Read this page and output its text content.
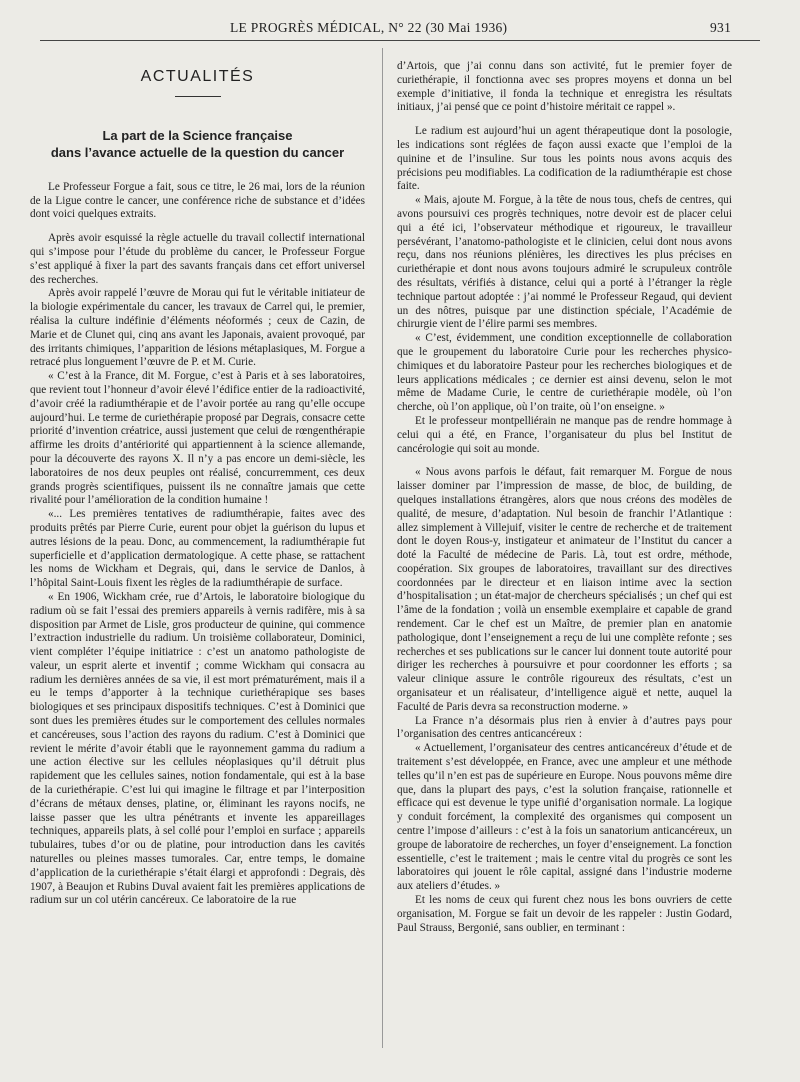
LE PROGRÈS MÉDICAL, N° 22 (30 Mai 1936)	931
ACTUALITÉS
La part de la Science française
dans l’avance actuelle de la question du cancer

Le Professeur Forgue a fait, sous ce titre, le 26 mai, lors de la réunion de la Ligue contre le cancer, une conférence riche de substance et d’idées dont voici quelques extraits.

Après avoir esquissé la règle actuelle du travail collectif international qui s’impose pour l’étude du problème du cancer, le Professeur Forgue s’est appliqué à fixer la part des savants français dans cet effort universel des recherches.

Après avoir rappelé l’œuvre de Morau qui fut le véritable initiateur de la biologie expérimentale du cancer, les travaux de Carrel qui, le premier, réalisa la culture indéfinie d’éléments néoformés ; ceux de Cazin, de Marie et de Clunet qui, cinq ans avant les Japonais, avaient provoqué, par des irritants chimiques, l’apparition de lésions métaplasiques, M. Forgue a retracé plus longuement l’œuvre de P. et M. Curie.

« C’est à la France, dit M. Forgue, c’est à Paris et à ses laboratoires, que revient tout l’honneur d’avoir élevé l’édifice entier de la radioactivité, d’avoir créé la radiumthérapie et de l’avoir portée au rang qu’elle occupe aujourd’hui. Le terme de curiethérapie proposé par Degrais, consacre cette priorité d’invention créatrice, aussi justement que celui de rœngenthérapie affirme les droits d’antériorité qui appartiennent à la science allemande, pour la découverte des rayons X. Il n’y a pas encore un demi-siècle, les laboratoires de nos deux peuples ont réalisé, concurremment, ces deux grands progrès scientifiques, puissent ils ne connaître jamais que cette rivalité pour l’amélioration de la condition humaine !

«... Les premières tentatives de radiumthérapie, faites avec des produits prêtés par Pierre Curie, eurent pour objet la guérison du lupus et autres lésions de la peau. Donc, au commencement, la radiumthérapie fut superficielle et d’application dermatologique. A cette phase, se rattachent les noms de Wickham et Degrais, qui, dans le service de Danlos, à l’hôpital Saint-Louis fixent les règles de la radiumthérapie de surface.

« En 1906, Wickham crée, rue d’Artois, le laboratoire biologique du radium où se fait l’essai des premiers appareils à vernis radifère, mis à sa disposition par Armet de Lisle, gros producteur de quinine, qui commence l’extraction industrielle du radium. Un troisième collaborateur, Dominici, vient compléter l’équipe initiatrice : c’est un anatomo pathologiste de valeur, un esprit alerte et inventif ; comme Wickham qui consacra au radium les dernières années de sa vie, il est mort prématurément, mais il a eu le temps d’apporter à la technique curiethérapique ses bases biologiques et ses principaux dispositifs techniques. C’est à Dominici que sont dues les premières études sur le comportement des cellules normales et cancéreuses, sous l’action des rayons du radium. C’est à Dominici que revient le mérite d’avoir établi que le rayonnement gamma du radium a une action élective sur les cellules néoplasiques qu’il détruit plus rapidement que les cellules saines, notion fondamentale, qui est à la base de la curiethérapie. C’est lui qui imagine le filtrage et par l’interposition d’écrans de métaux denses, platine, or, éliminant les rayons nocifs, ne laisse passer que les ultra pénétrants et invente les appareillages techniques, appareils plats, à sel collé pour l’emploi en surface ; appareils tubulaires, tubes d’or ou de platine, pour introduction dans les cavités naturelles ou pleines masses tumorales. Car, entre temps, le domaine d’application de la curiethérapie s’était élargi et approfondi : Degrais, dès 1907, à Beaujon et Rubins Duval avaient fait les premières applications de radium sur un col utérin cancéreux. Ce laboratoire de la rue

d’Artois, que j’ai connu dans son activité, fut le premier foyer de curiethérapie, il fonctionna avec ses propres moyens et donna un bel exemple d’initiative, il fonda la technique et enregistra les résultats initiaux, j’ai pensé que ce point d’histoire méritait ce rappel ».

Le radium est aujourd’hui un agent thérapeutique dont la posologie, les indications sont réglées de façon aussi exacte que l’emploi de la quinine et de l’insuline. Sur tous les points nous avons acquis des précisions peu modifiables. La codification de la radiumthérapie est chose faite.

« Mais, ajoute M. Forgue, à la tête de nous tous, chefs de centres, qui avons poursuivi ces progrès techniques, notre devoir est de placer celui qui a été ici, l’observateur méthodique et rigoureux, le travailleur persévérant, l’anatomo-pathologiste et le clinicien, celui dont nous avons reçu, dans nos réunions plénières, les directives les plus précises en curiethérapie et dont nous avons toujours admiré le scrupuleux contrôle des résultats, vérifiés à distance, celui qui a porté à l’étranger la règle technique partout adoptée : j’ai nommé le Professeur Regaud, qui devient un des nôtres, puisque par une distinction spéciale, l’Académie de chirurgie vient de l’élire parmi ses membres.

« C’est, évidemment, une condition exceptionnelle de collaboration que le groupement du laboratoire Curie pour les recherches physico-chimiques et du laboratoire Pasteur pour les recherches biologiques et de leurs applications médicales ; ce dernier est ainsi devenu, selon le mot même de Madame Curie, le centre de curiethérapie modèle, où l’on cherche, où l’on applique, où l’on traite, où l’on enseigne. »

Et le professeur montpelliérain ne manque pas de rendre hommage à celui qui a été, en France, l’organisateur du plus bel Institut de cancérologie qui soit au monde.

« Nous avons parfois le défaut, fait remarquer M. Forgue de nous laisser dominer par l’impression de masse, de bloc, de building, de quelques installations étrangères, alors que nous créons des modèles de qualité, de mesure, d’adaptation. Nul besoin de franchir l’Atlantique : allez simplement à Villejuif, visiter le centre de recherche et de traitement dont le doyen Rous-y, instigateur et animateur de l’Institut du cancer a doté la Faculté de médecine de Paris. Là, tout est ordre, méthode, coopération. Six groupes de laboratoires, travaillant sur des directives coordonnées par le directeur et en liaison intime avec la section d’hospitalisation ; un état-major de chercheurs spécialisés ; un chef qui est l’âme de la fondation ; voilà un ensemble exemplaire et capable de grand rendement. Car le chef est un Maître, de premier plan en anatomie pathologique, dont l’enseignement a reçu de lui une complète refonte ; ses recherches et ses publications sur le cancer lui donnent toute autorité pour diriger les recherches à poursuivre et pour coordonner les efforts ; sa valeur clinique assure le contrôle rigoureux des résultats, c’est un organisateur et un réalisateur, d’intelligence aiguë et nette, auquel la Faculté de Paris devra sa reconstruction moderne. »

La France n’a désormais plus rien à envier à d’autres pays pour l’organisation des centres anticancéreux :

« Actuellement, l’organisateur des centres anticancéreux d’étude et de traitement s’est développée, en France, avec une ampleur et une méthode telles qu’il n’en est pas de supérieure en Europe. Nous pouvons même dire que, dans la plupart des pays, c’est la solution française, rationnelle et efficace qui est devenue le type unifié d’organisation normale. La logique y conduit forcément, la complexité des organismes qui composent un centre l’impose d’ailleurs : c’est à la fois un sanatorium anticancéreux, un groupe de laboratoire de recherches, un foyer d’enseignement. La fonction essentielle, c’est le traitement ; mais le centre vital du progrès ce sont les laboratoires qui jouent le rôle capital, assigné dans l’industrie moderne aux ateliers d’études. »

Et les noms de ceux qui furent chez nous les bons ouvriers de cette organisation, M. Forgue se fait un devoir de les rappeler : Justin Godard, Paul Strauss, Bergonié, sans oublier, en terminant :
